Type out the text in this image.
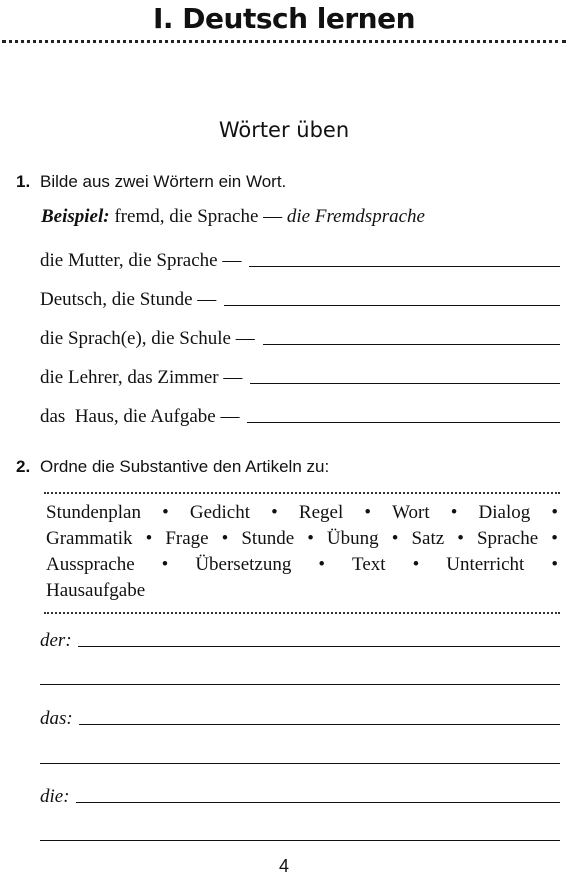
I. Deutsch lernen
Wörter üben
1. Bilde aus zwei Wörtern ein Wort.
Beispiel: fremd, die Sprache — die Fremdsprache
die Mutter, die Sprache —
Deutsch, die Stunde —
die Sprach(e), die Schule —
die Lehrer, das Zimmer —
das  Haus, die Aufgabe —
2. Ordne die Substantive den Artikeln zu:
Stundenplan • Gedicht • Regel • Wort • Dialog •
Grammatik • Frage • Stunde • Übung • Satz • Sprache •
Aussprache • Übersetzung • Text • Unterricht •
Hausaufgabe
der:
das:
die:
4
